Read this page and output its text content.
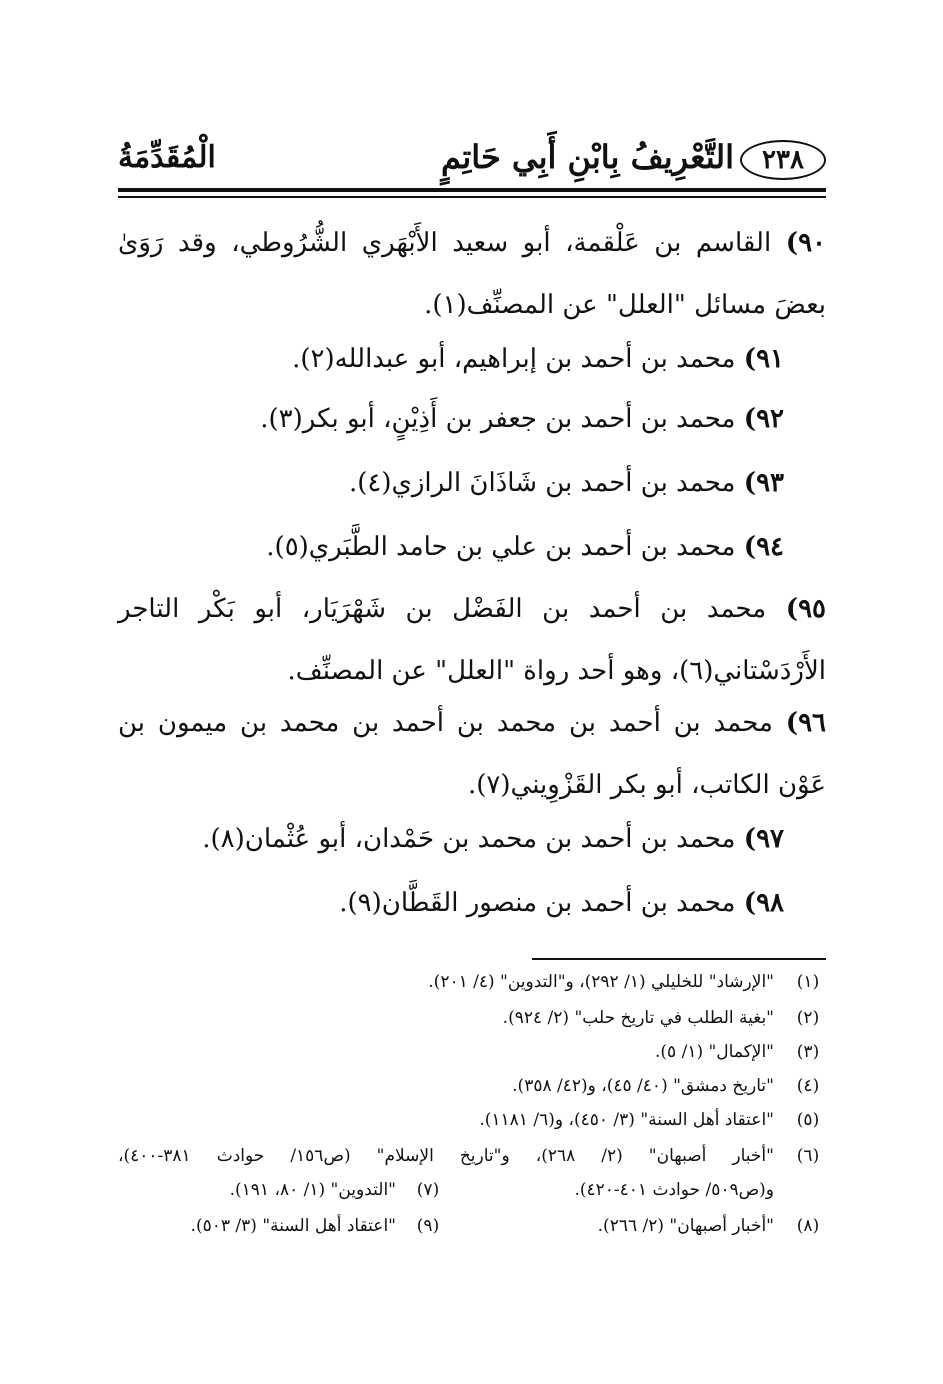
الْمُقَدِّمَةُ	التَّعْرِيفُ بِابْنِ أَبِي حَاتِمٍ	٢٣٨
٩٠) القاسم بن عَلْقمة، أبو سعيد الأَبْهَري الشُّرُوطي، وقد رَوَىٰ
بعضَ مسائل "العلل" عن المصنِّف(١).
٩١) محمد بن أحمد بن إبراهيم، أبو عبدالله(٢).
٩٢) محمد بن أحمد بن جعفر بن أَذِيْنٍ، أبو بكر(٣).
٩٣) محمد بن أحمد بن شَاذَانَ الرازي(٤).
٩٤) محمد بن أحمد بن علي بن حامد الطَّبَري(٥).
٩٥) محمد بن أحمد بن الفَضْل بن شَهْرَيَار، أبو بَكْر التاجر
الأَرْدَسْتاني(٦)، وهو أحد رواة "العلل" عن المصنِّف.
٩٦) محمد بن أحمد بن محمد بن أحمد بن محمد بن ميمون بن
عَوْن الكاتب، أبو بكر القَزْوِيني(٧).
٩٧) محمد بن أحمد بن محمد بن حَمْدان، أبو عُثْمان(٨).
٩٨) محمد بن أحمد بن منصور القَطَّان(٩).
(١)
"الإرشاد" للخليلي (١/ ٢٩٢)، و"التدوين" (٤/ ٢٠١).
(٢)
"بغية الطلب في تاريخ حلب" (٢/ ٩٢٤).
(٣)
"الإكمال" (١/ ٥).
(٤)
"تاريخ دمشق" (٤٠/ ٤٥)، و(٤٢/ ٣٥٨).
(٥)
"اعتقاد أهل السنة" (٣/ ٤٥٠)، و(٦/ ١١٨١).
(٦)
"أخبار أصبهان" (٢/ ٢٦٨)، و"تاريخ الإسلام" (ص١٥٦/ حوادث ٣٨١-٤٠٠)،
و(ص٥٠٩/ حوادث ٤٠١-٤٢٠).
(٧)
"التدوين" (١/ ٨٠، ١٩١).
(٨)
"أخبار أصبهان" (٢/ ٢٦٦).
(٩)
"اعتقاد أهل السنة" (٣/ ٥٠٣).
